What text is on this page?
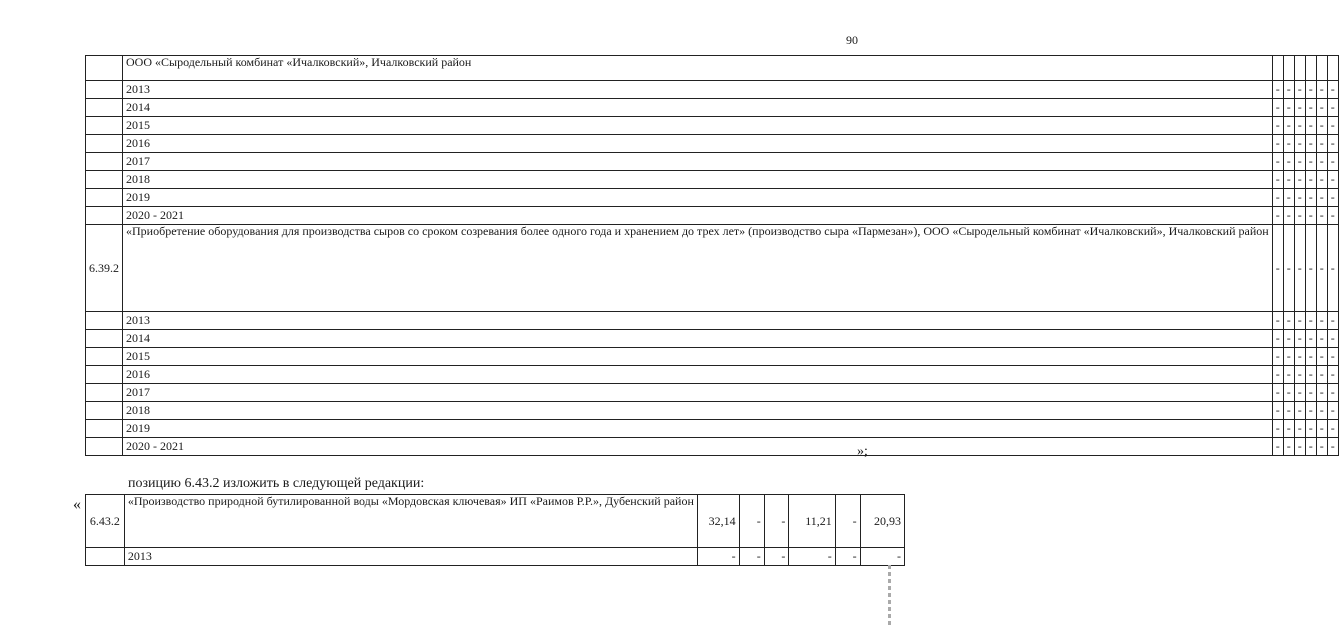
90
	ООО «Сыродельный комбинат «Ичалковский», Ичалковский район						
	2013	-	-	-	-	-	-
	2014	-	-	-	-	-	-
	2015	-	-	-	-	-	-
	2016	-	-	-	-	-	-
	2017	-	-	-	-	-	-
	2018	-	-	-	-	-	-
	2019	-	-	-	-	-	-
	2020 - 2021	-	-	-	-	-	-
6.39.2	«Приобретение оборудования для производства сыров со сроком созревания более одного года и хранением до трех лет» (производство сыра «Пармезан»), ООО «Сыродельный комбинат «Ичалковский», Ичалковский район	-	-	-	-	-	-
	2013	-	-	-	-	-	-
	2014	-	-	-	-	-	-
	2015	-	-	-	-	-	-
	2016	-	-	-	-	-	-
	2017	-	-	-	-	-	-
	2018	-	-	-	-	-	-
	2019	-	-	-	-	-	-
	2020 - 2021	-	-	-	-	-	-
»;
позицию 6.43.2 изложить в следующей редакции:
«
6.43.2	«Производство природной бутилированной воды «Мордовская ключевая» ИП «Раимов Р.Р.», Дубенский район	32,14	-	-	11,21	-	20,93
	2013	-	-	-	-	-	-
